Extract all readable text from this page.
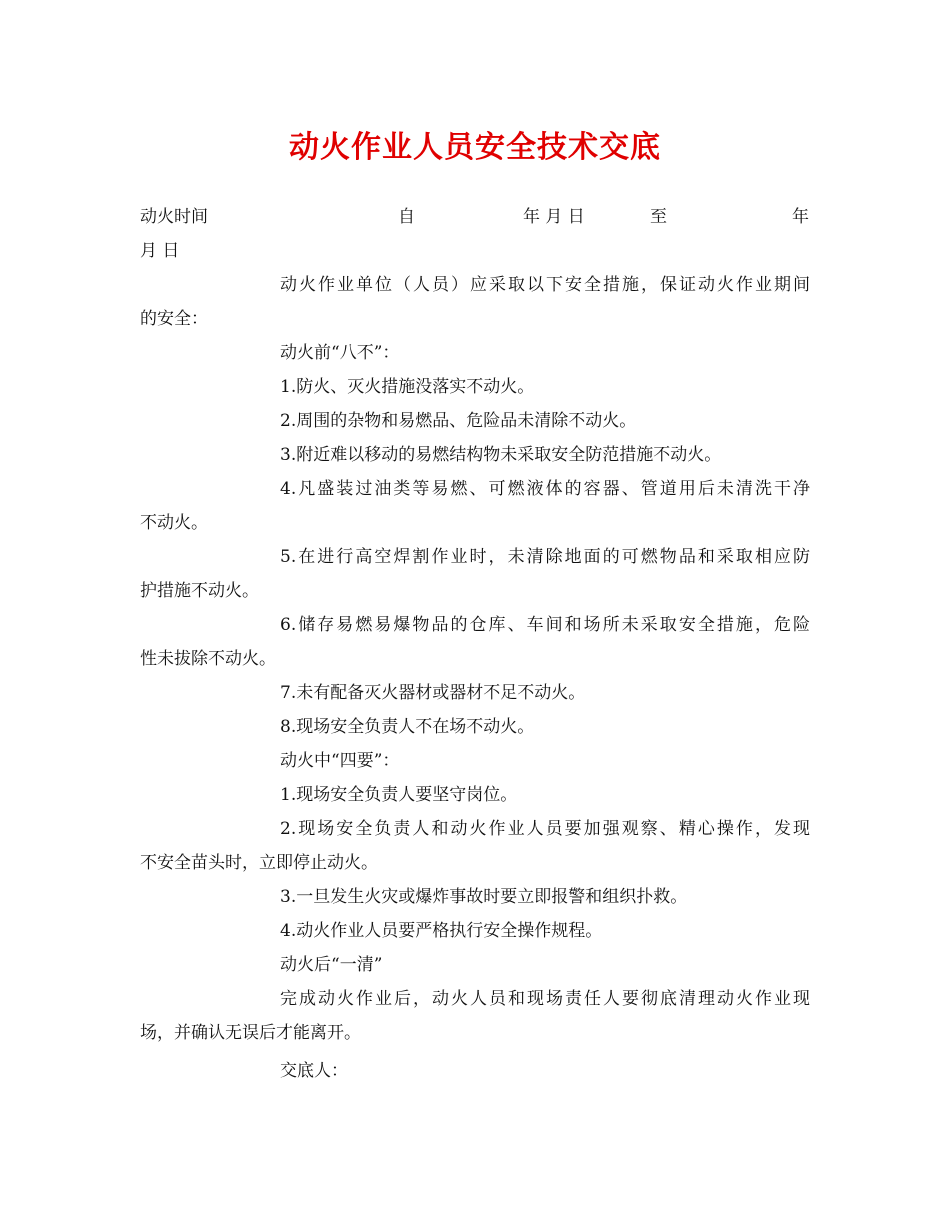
动火作业人员安全技术交底
动火时间	自	年 月 日	至	年
月 日
动火作业单位（人员）应采取以下安全措施，保证动火作业期间
的安全：
动火前“八不”：
1.防火、灭火措施没落实不动火。
2.周围的杂物和易燃品、危险品未清除不动火。
3.附近难以移动的易燃结构物未采取安全防范措施不动火。
4.凡盛装过油类等易燃、可燃液体的容器、管道用后未清洗干净
不动火。
5.在进行高空焊割作业时，未清除地面的可燃物品和采取相应防
护措施不动火。
6.储存易燃易爆物品的仓库、车间和场所未采取安全措施，危险
性未拔除不动火。
7.未有配备灭火器材或器材不足不动火。
8.现场安全负责人不在场不动火。
动火中“四要”：
1.现场安全负责人要坚守岗位。
2.现场安全负责人和动火作业人员要加强观察、精心操作，发现
不安全苗头时，立即停止动火。
3.一旦发生火灾或爆炸事故时要立即报警和组织扑救。
4.动火作业人员要严格执行安全操作规程。
动火后“一清”
完成动火作业后，动火人员和现场责任人要彻底清理动火作业现
场，并确认无误后才能离开。
交底人：
